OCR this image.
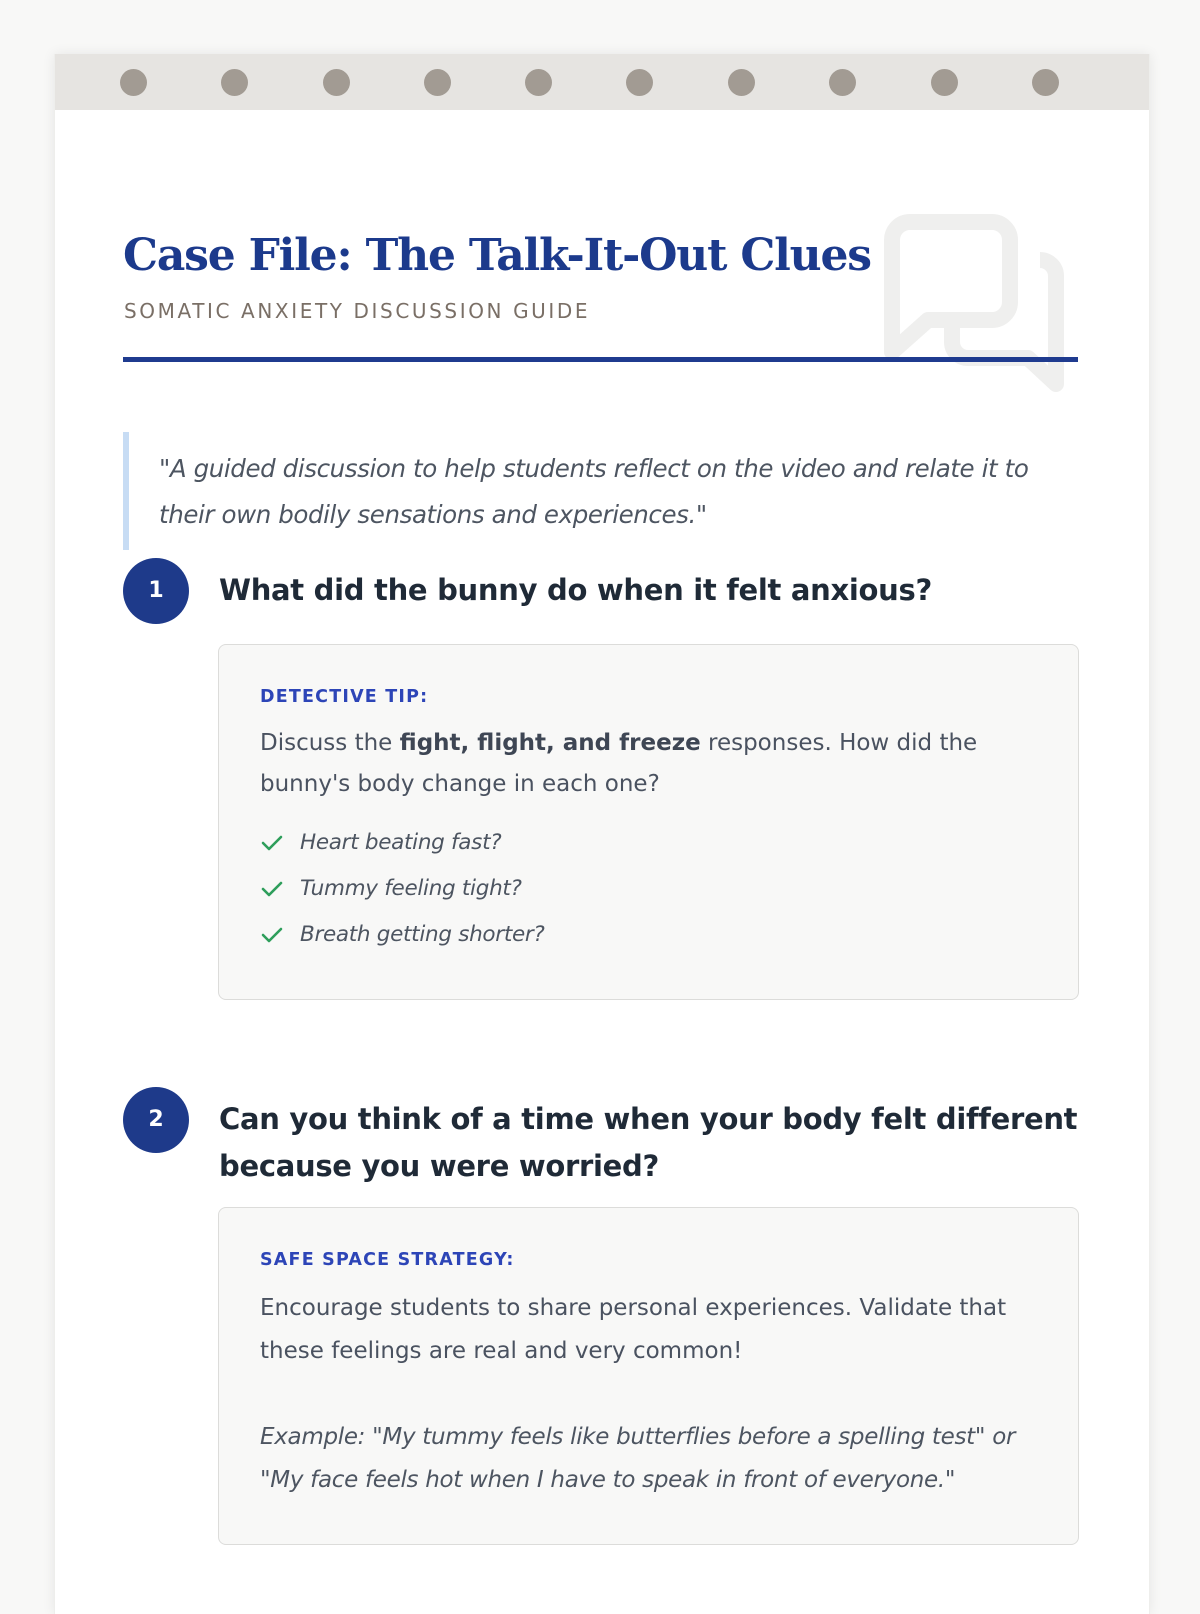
Case File: The Talk-It-Out Clues
SOMATIC ANXIETY DISCUSSION GUIDE
"A guided discussion to help students reflect on the video and relate it to their own bodily sensations and experiences."
1	What did the bunny do when it felt anxious?
DETECTIVE TIP:
Discuss the fight, flight, and freeze responses. How did the bunny's body change in each one?
Heart beating fast?
Tummy feeling tight?
Breath getting shorter?
2	Can you think of a time when your body felt different because you were worried?
SAFE SPACE STRATEGY:
Encourage students to share personal experiences. Validate that these feelings are real and very common!
Example: "My tummy feels like butterflies before a spelling test" or "My face feels hot when I have to speak in front of everyone."
